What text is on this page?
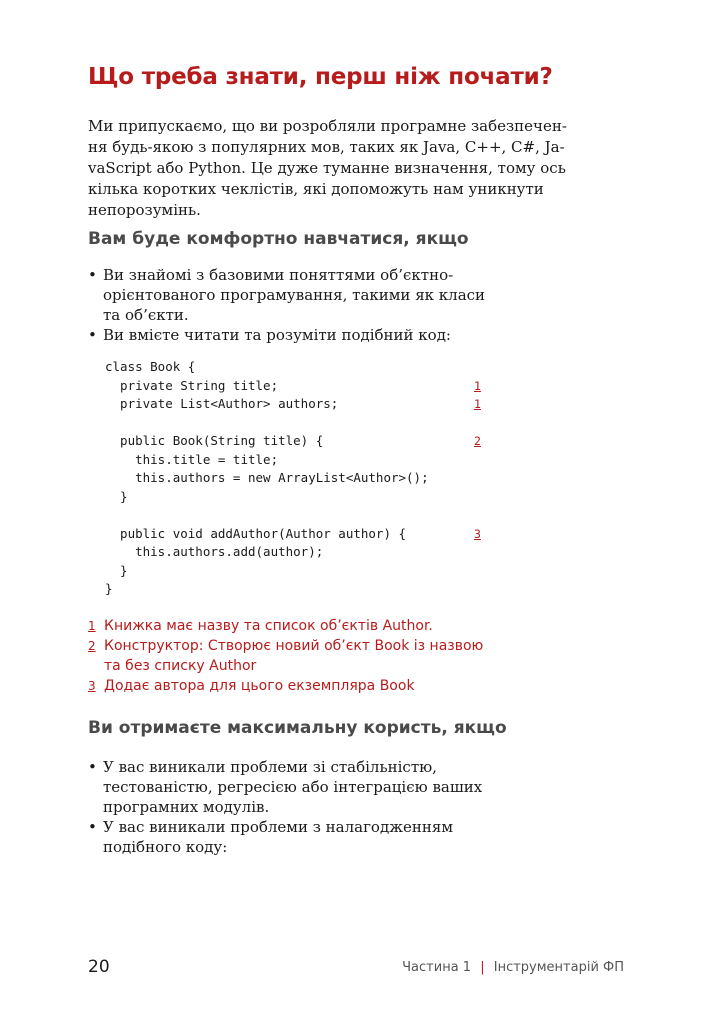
Що треба знати, перш ніж почати?
Ми припускаємо, що ви розробляли програмне забезпечен-
ня будь-якою з популярних мов, таких як Java, C++, C#, Ja-
vaScript або Python. Це дуже туманне визначення, тому ось
кілька коротких чеклістів, які допоможуть нам уникнути
непорозумінь.
Вам буде комфортно навчатися, якщо
• Ви знайомі з базовими поняттями об’єктно-
орієнтованого програмування, такими як класи
та об’єкти.
• Ви вмієте читати та розуміти подібний код:
class Book {
private String title;	1
private List<Author> authors;	1
public Book(String title) {	2
this.title = title;
this.authors = new ArrayList<Author>();
}
public void addAuthor(Author author) {	3
this.authors.add(author);
}
}
1 Книжка має назву та список об’єктів Author.
2 Конструктор: Створює новий об’єкт Book із назвою
та без списку Author
3 Додає автора для цього екземпляра Book
Ви отримаєте максимальну користь, якщо
• У вас виникали проблеми зі стабільністю,
тестованістю, регресією або інтеграцією ваших
програмних модулів.
• У вас виникали проблеми з налагодженням
подібного коду:
20	Частина 1 | Інструментарій ФП
